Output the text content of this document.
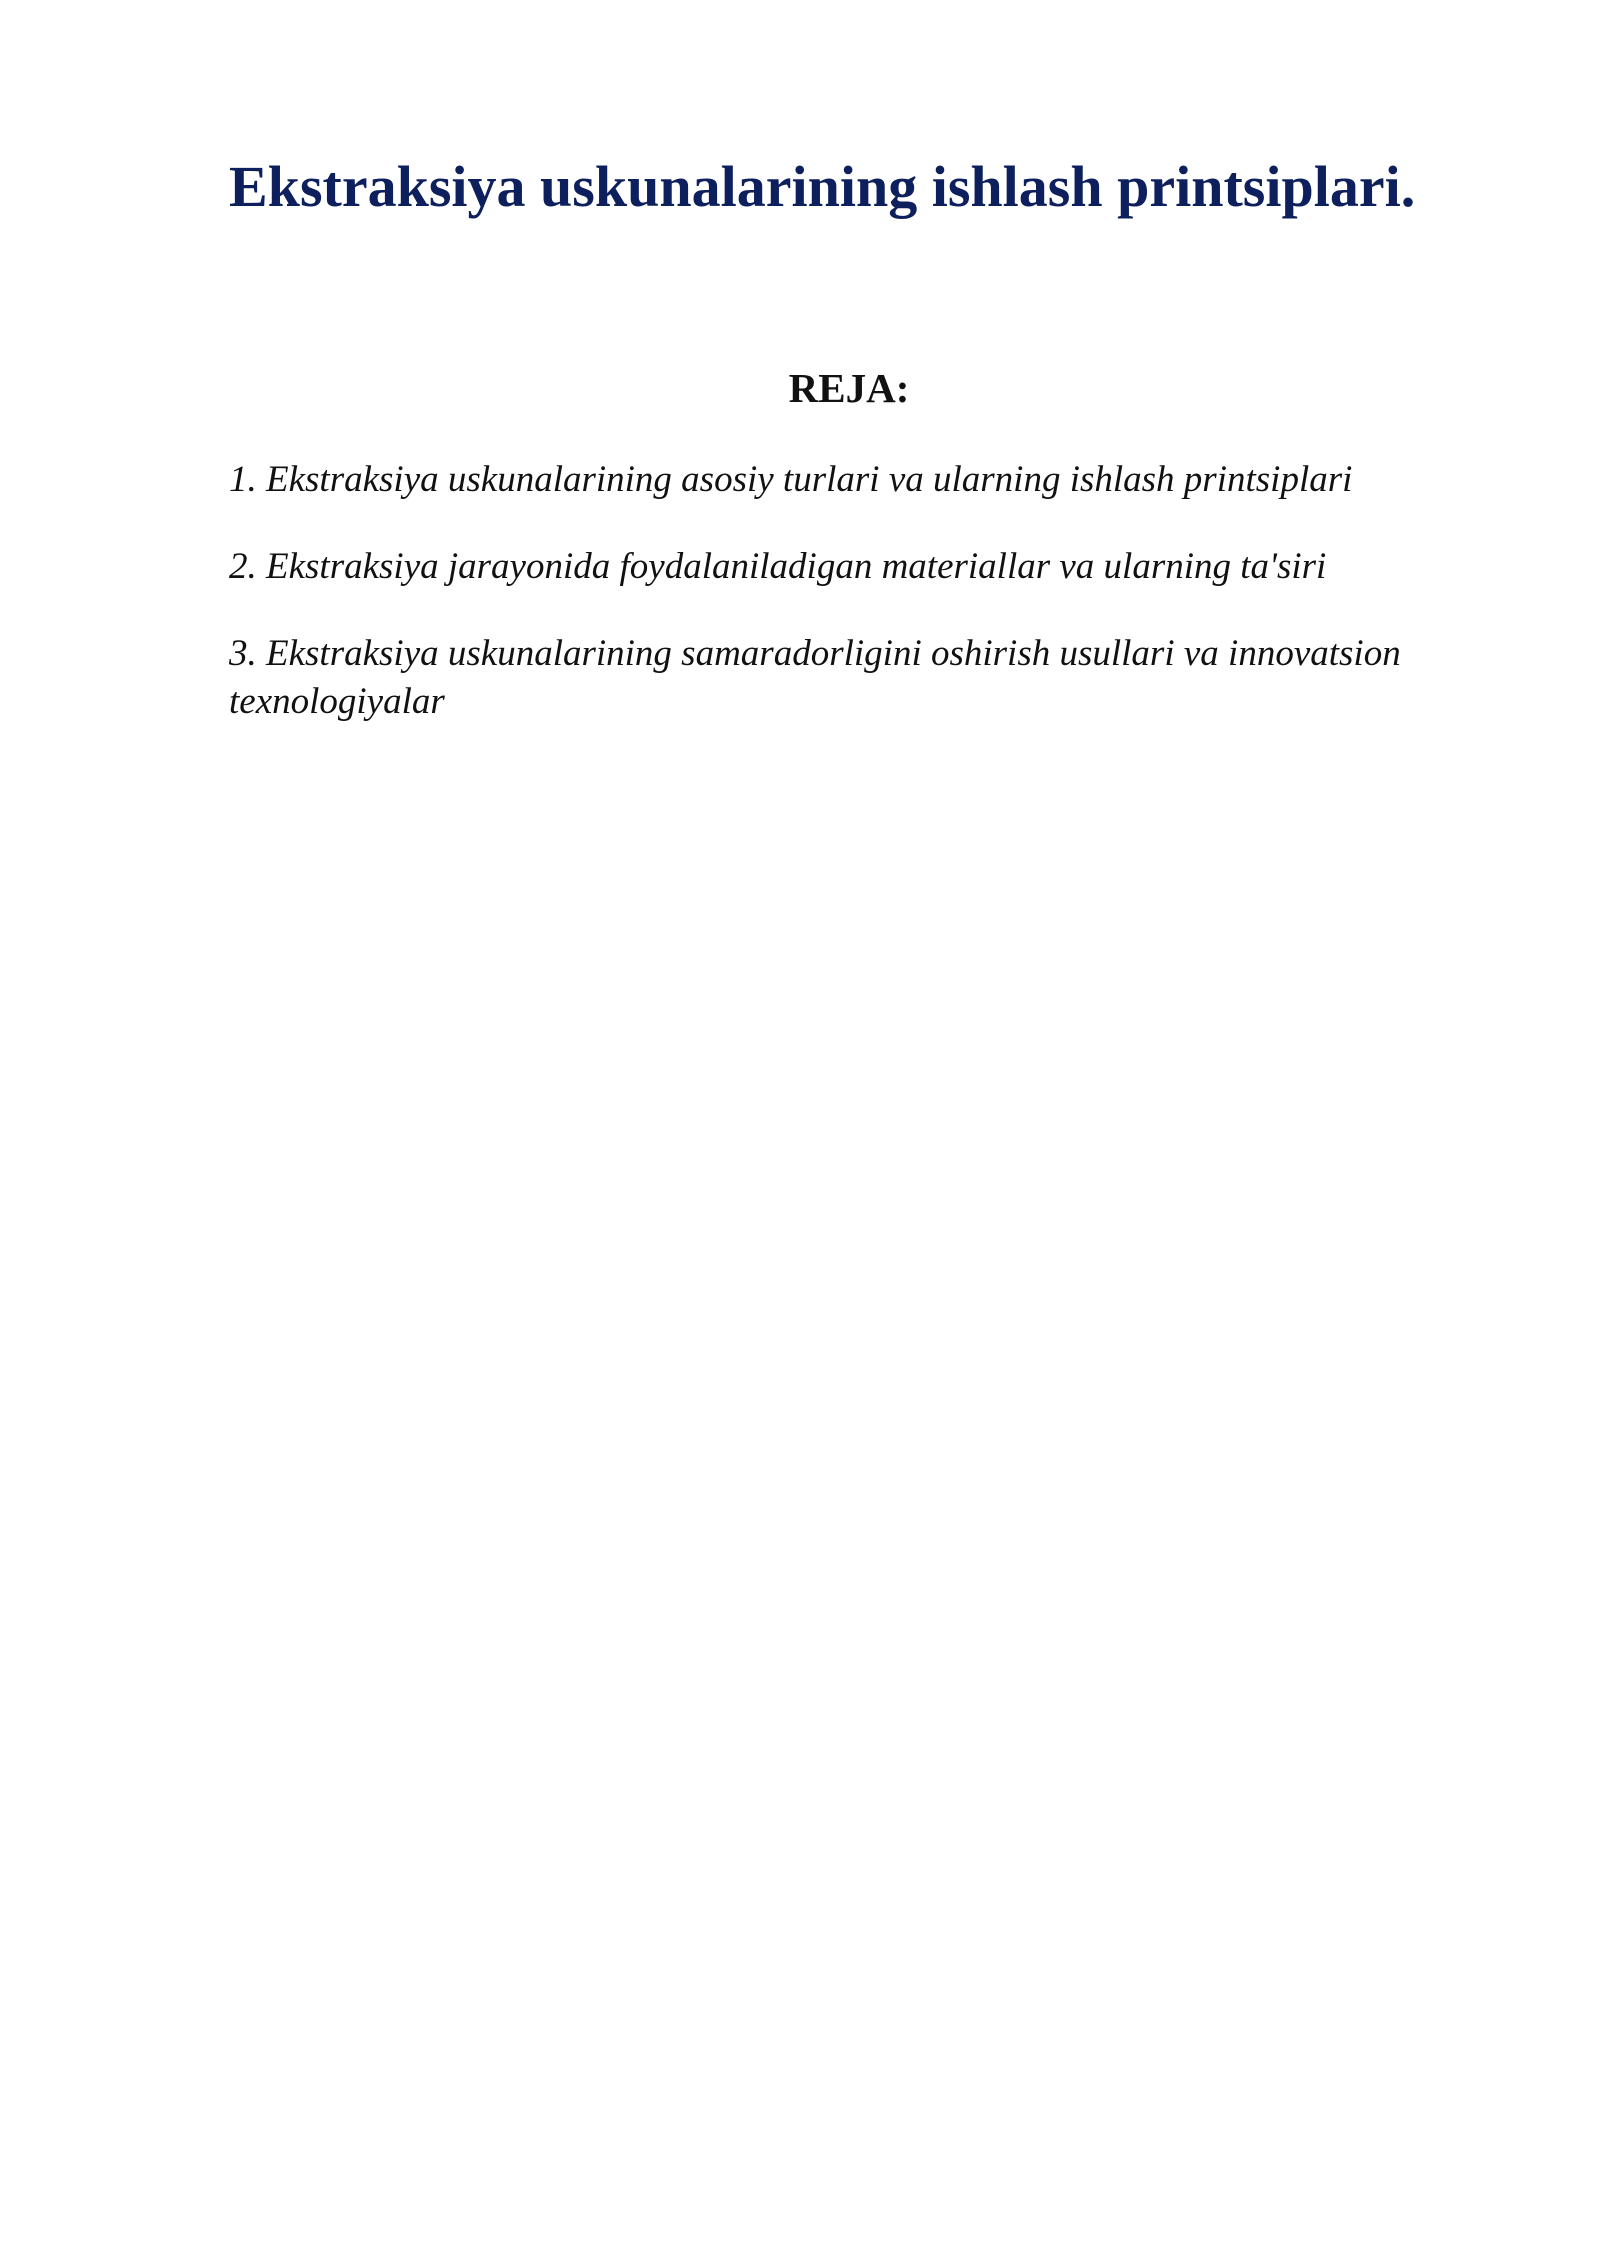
Ekstraksiya uskunalarining ishlash printsiplari.
REJA:
1. Ekstraksiya uskunalarining asosiy turlari va ularning ishlash printsiplari
2. Ekstraksiya jarayonida foydalaniladigan materiallar va ularning ta'siri
3. Ekstraksiya uskunalarining samaradorligini oshirish usullari va innovatsion texnologiyalar
